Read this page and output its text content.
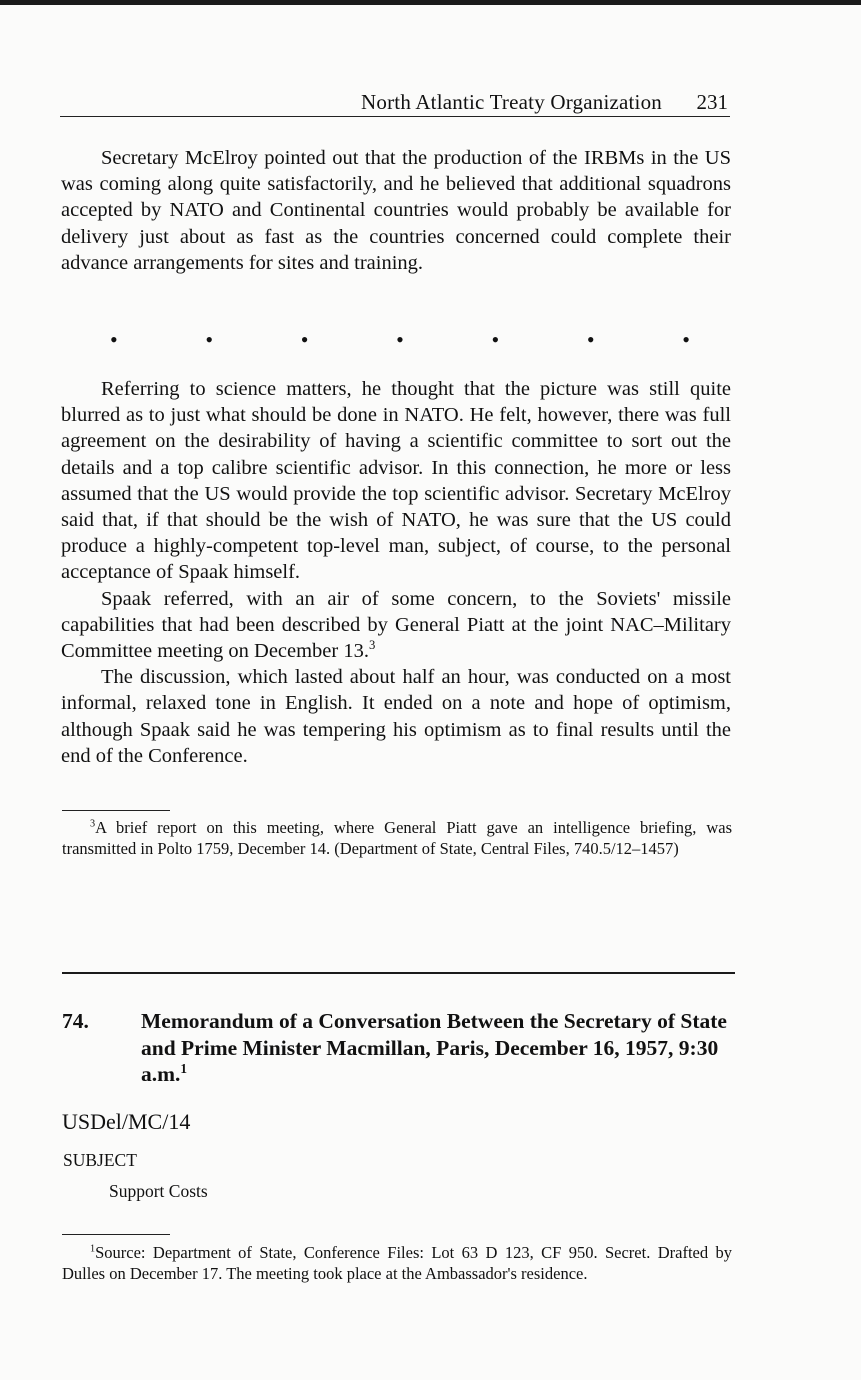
North Atlantic Treaty Organization 231

Secretary McElroy pointed out that the production of the IRBMs in the US was coming along quite satisfactorily, and he believed that additional squadrons accepted by NATO and Continental countries would probably be available for delivery just about as fast as the countries concerned could complete their advance arrangements for sites and training.

•	•	•	•	•	•	•

Referring to science matters, he thought that the picture was still quite blurred as to just what should be done in NATO. He felt, however, there was full agreement on the desirability of having a scientific committee to sort out the details and a top calibre scientific advisor. In this connection, he more or less assumed that the US would provide the top scientific advisor. Secretary McElroy said that, if that should be the wish of NATO, he was sure that the US could produce a highly-competent top-level man, subject, of course, to the personal acceptance of Spaak himself.

Spaak referred, with an air of some concern, to the Soviets' missile capabilities that had been described by General Piatt at the joint NAC–Military Committee meeting on December 13.$^3$

The discussion, which lasted about half an hour, was conducted on a most informal, relaxed tone in English. It ended on a note and hope of optimism, although Spaak said he was tempering his optimism as to final results until the end of the Conference.

$^3$A brief report on this meeting, where General Piatt gave an intelligence briefing, was transmitted in Polto 1759, December 14. (Department of State, Central Files, 740.5/12–1457)

74. Memorandum of a Conversation Between the Secretary of State and Prime Minister Macmillan, Paris, December 16, 1957, 9:30 a.m.$^1$
USDel/MC/14
SUBJECT
Support Costs

$^1$Source: Department of State, Conference Files: Lot 63 D 123, CF 950. Secret. Drafted by Dulles on December 17. The meeting took place at the Ambassador's residence.
